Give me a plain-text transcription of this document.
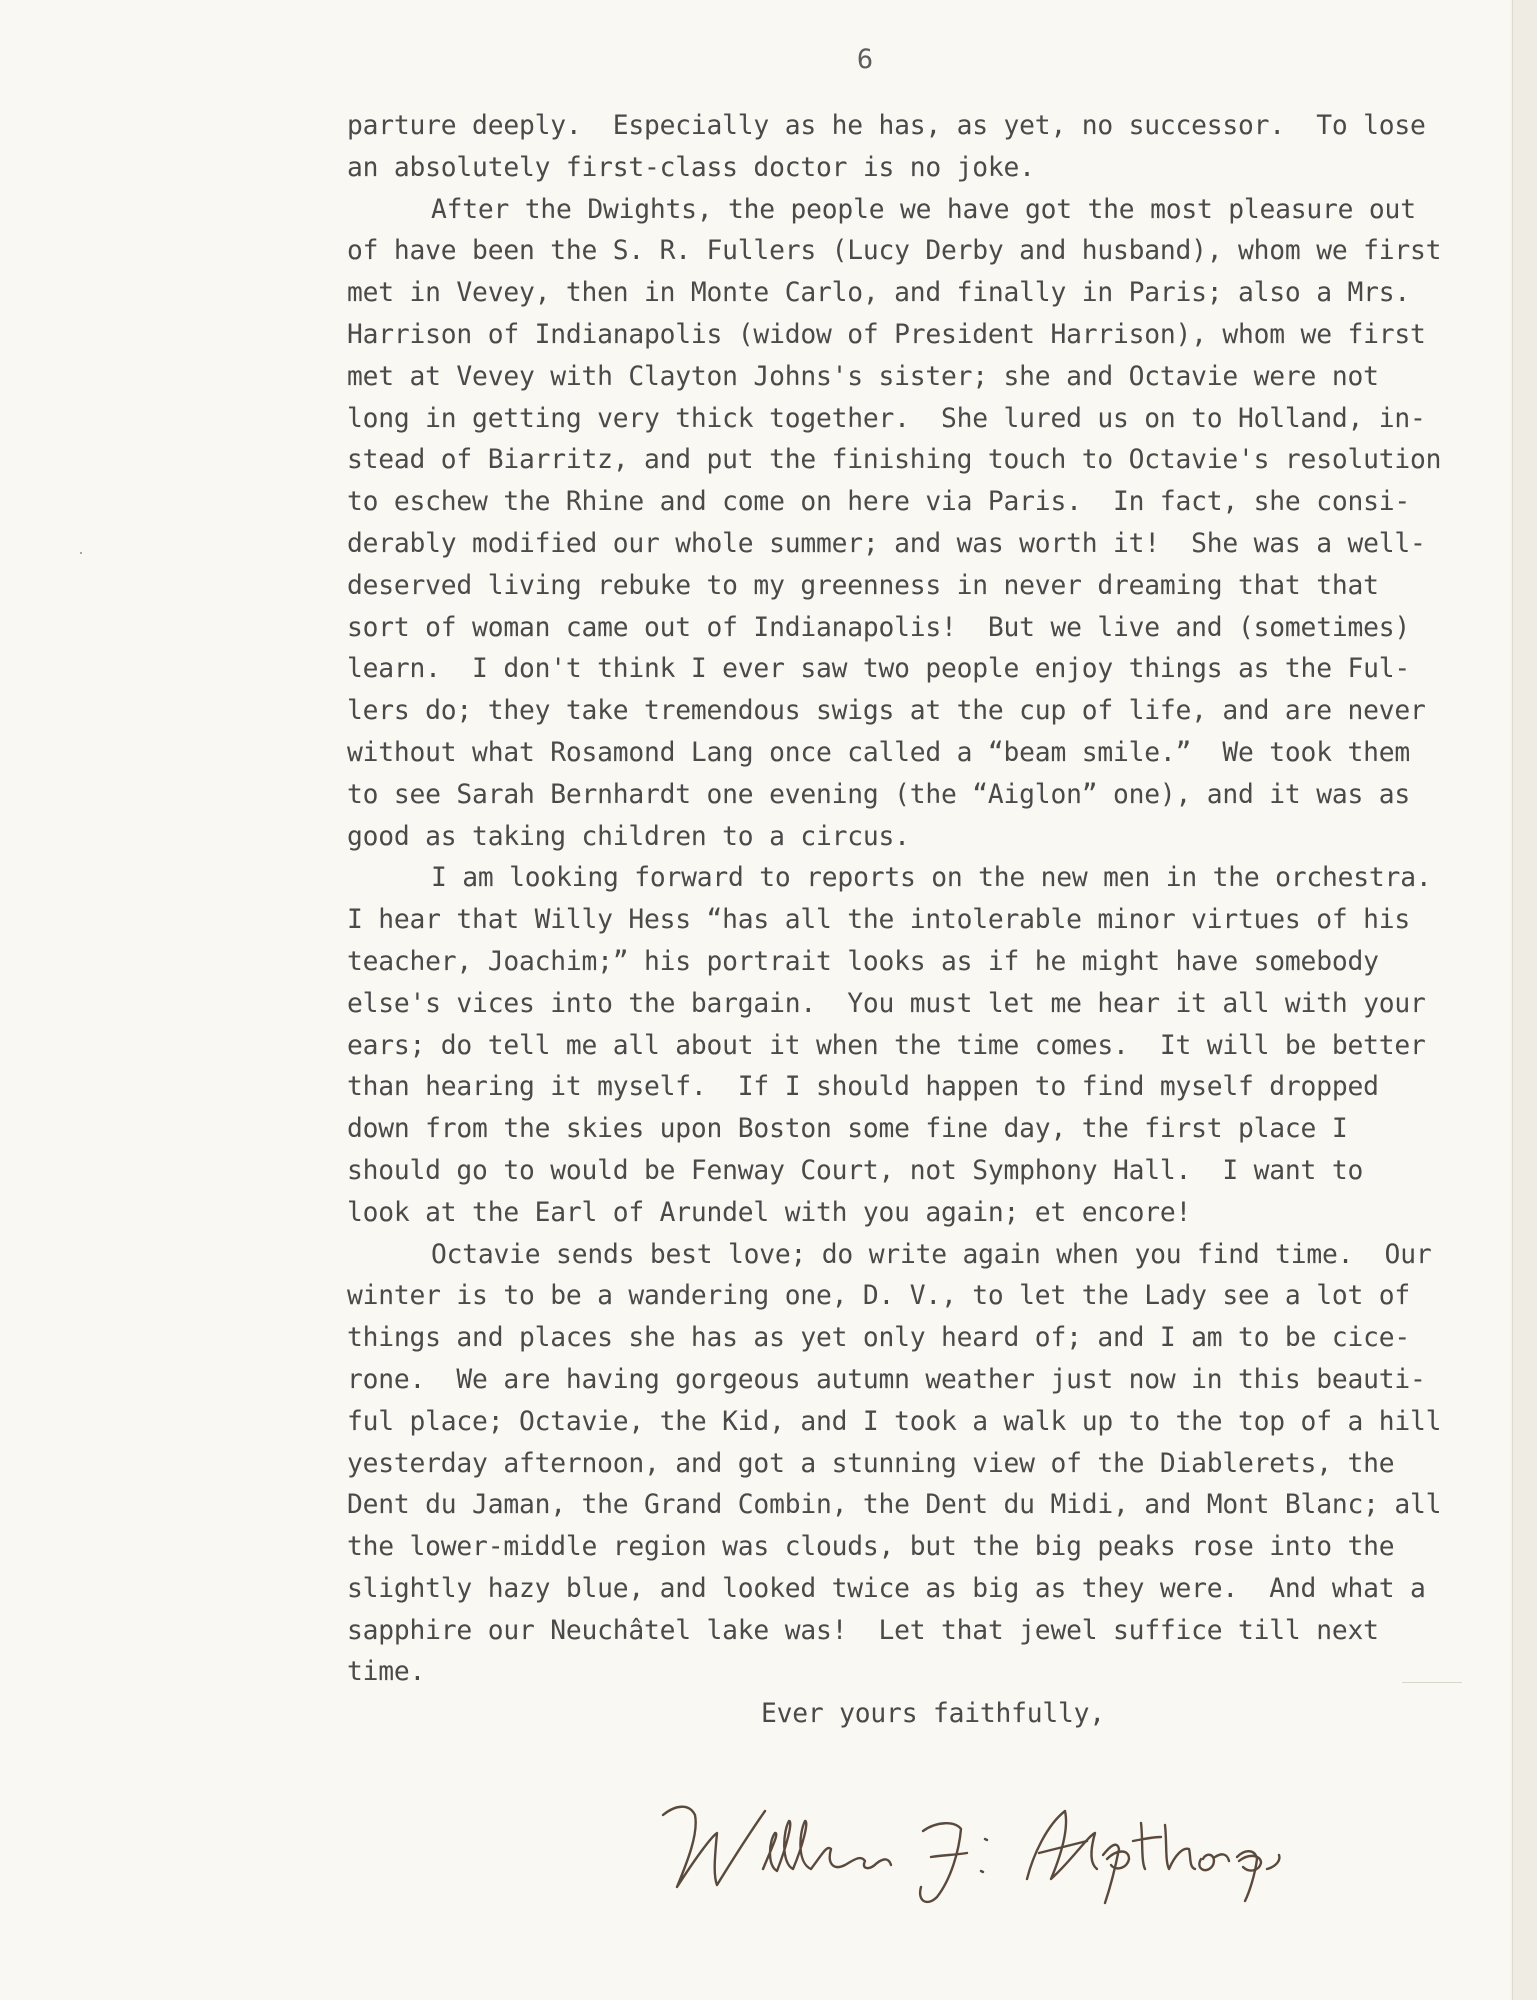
6
parture deeply.  Especially as he has, as yet, no successor.  To lose
an absolutely first-class doctor is no joke.
After the Dwights, the people we have got the most pleasure out
of have been the S. R. Fullers (Lucy Derby and husband), whom we first
met in Vevey, then in Monte Carlo, and finally in Paris; also a Mrs.
Harrison of Indianapolis (widow of President Harrison), whom we first
met at Vevey with Clayton Johns's sister; she and Octavie were not
long in getting very thick together.  She lured us on to Holland, in-
stead of Biarritz, and put the finishing touch to Octavie's resolution
to eschew the Rhine and come on here via Paris.  In fact, she consi-
derably modified our whole summer; and was worth it!  She was a well-
deserved living rebuke to my greenness in never dreaming that that
sort of woman came out of Indianapolis!  But we live and (sometimes)
learn.  I don't think I ever saw two people enjoy things as the Ful-
lers do; they take tremendous swigs at the cup of life, and are never
without what Rosamond Lang once called a “beam smile.”  We took them
to see Sarah Bernhardt one evening (the “Aiglon” one), and it was as
good as taking children to a circus.
I am looking forward to reports on the new men in the orchestra.
I hear that Willy Hess “has all the intolerable minor virtues of his
teacher, Joachim;” his portrait looks as if he might have somebody
else's vices into the bargain.  You must let me hear it all with your
ears; do tell me all about it when the time comes.  It will be better
than hearing it myself.  If I should happen to find myself dropped
down from the skies upon Boston some fine day, the first place I
should go to would be Fenway Court, not Symphony Hall.  I want to
look at the Earl of Arundel with you again; et encore!
Octavie sends best love; do write again when you find time.  Our
winter is to be a wandering one, D. V., to let the Lady see a lot of
things and places she has as yet only heard of; and I am to be cice-
rone.  We are having gorgeous autumn weather just now in this beauti-
ful place; Octavie, the Kid, and I took a walk up to the top of a hill
yesterday afternoon, and got a stunning view of the Diablerets, the
Dent du Jaman, the Grand Combin, the Dent du Midi, and Mont Blanc; all
the lower-middle region was clouds, but the big peaks rose into the
slightly hazy blue, and looked twice as big as they were.  And what a
sapphire our Neuchâtel lake was!  Let that jewel suffice till next
time.
Ever yours faithfully,
